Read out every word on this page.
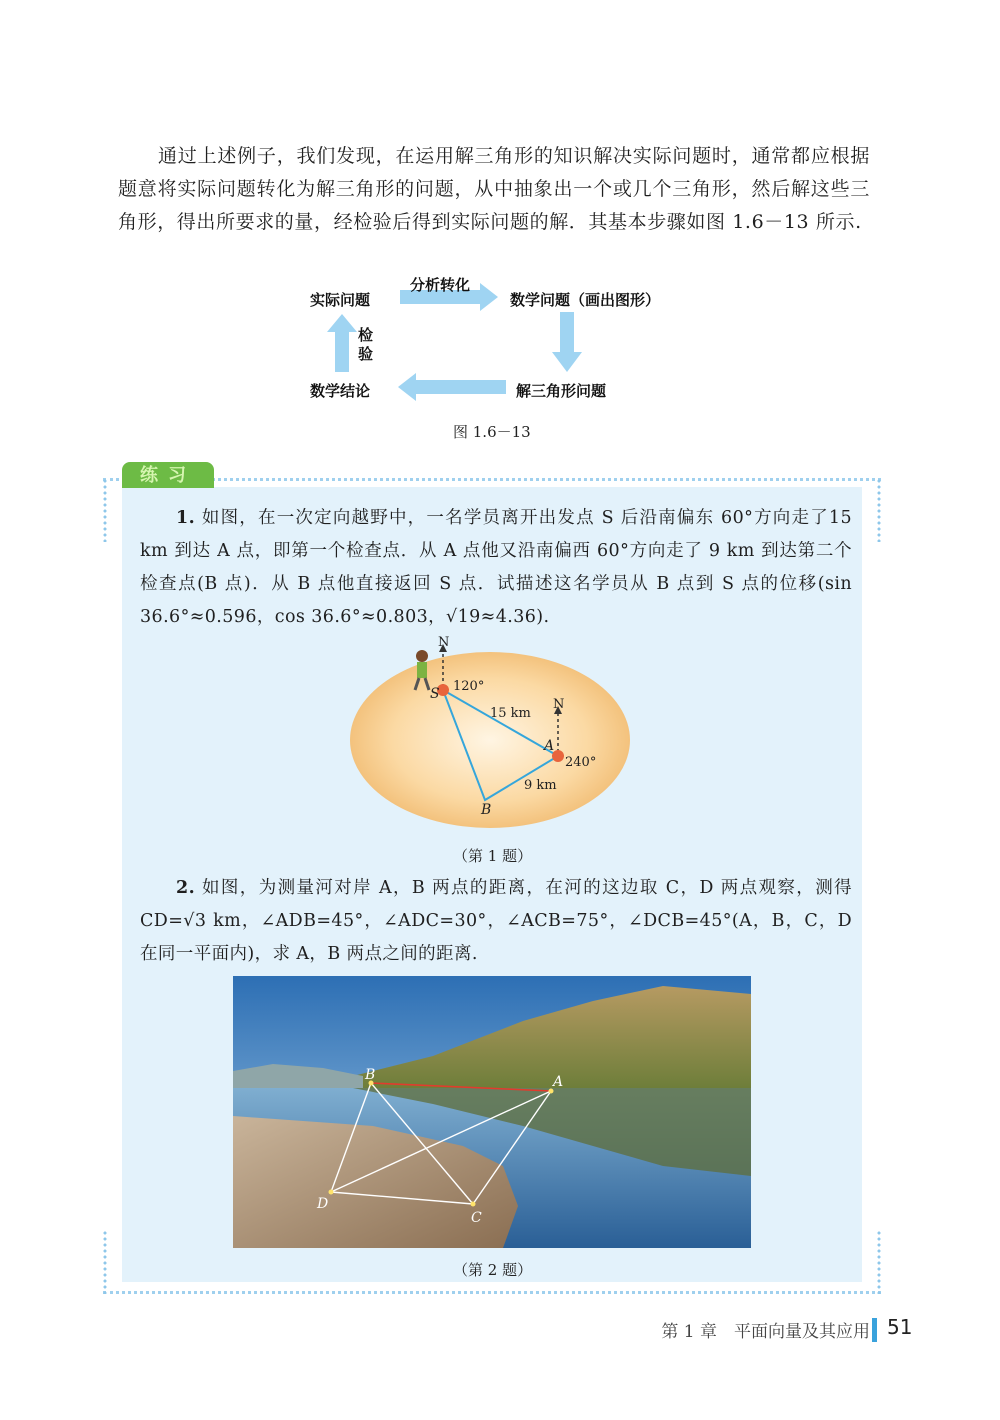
通过上述例子，我们发现，在运用解三角形的知识解决实际问题时，通常都应根据题意将实际问题转化为解三角形的问题，从中抽象出一个或几个三角形，然后解这些三角形，得出所要求的量，经检验后得到实际问题的解．其基本步骤如图 1.6－13 所示.
实际问题
分析转化
数学问题（画出图形）
检
验
数学结论	解三角形问题
图 1.6－13
练习
1. 如图，在一次定向越野中，一名学员离开出发点 S 后沿南偏东 60°方向走了15 km 到达 A 点，即第一个检查点．从 A 点他又沿南偏西 60°方向走了 9 km 到达第二个检查点(B 点)．从 B 点他直接返回 S 点．试描述这名学员从 B 点到 S 点的位移(sin 36.6°≈0.596，cos 36.6°≈0.803，√19≈4.36).
N
N
S
A
B
120°
240°
15 km
9 km
（第 1 题）
2. 如图，为测量河对岸 A，B 两点的距离，在河的这边取 C，D 两点观察，测得 CD=√3 km，∠ADB=45°，∠ADC=30°，∠ACB=75°，∠DCB=45°(A，B，C，D 在同一平面内)，求 A，B 两点之间的距离.
B	A
D
C
（第 2 题）
第 1 章　平面向量及其应用 51
